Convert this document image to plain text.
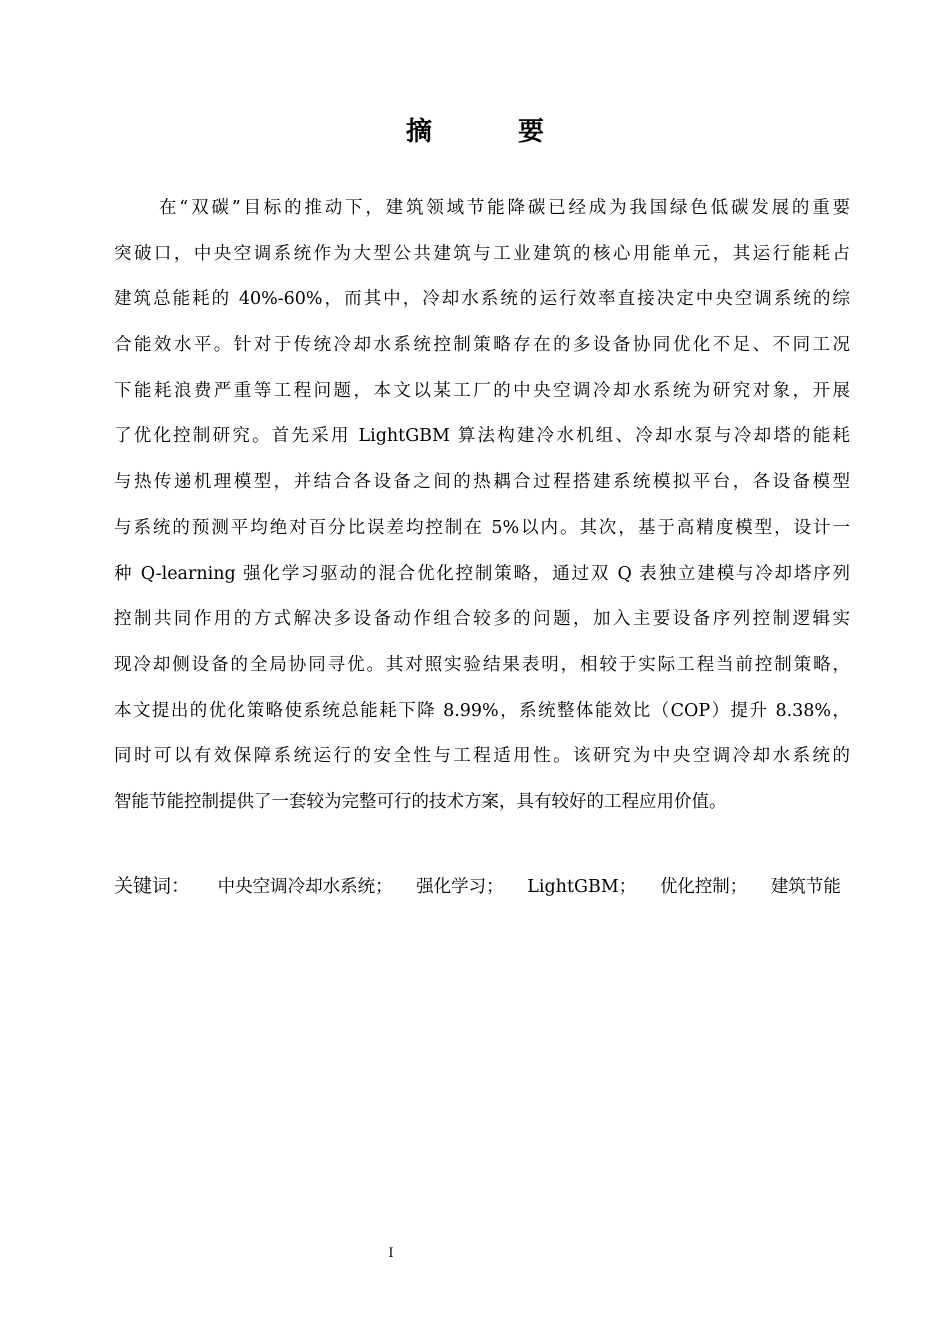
摘　要
在“双碳”目标的推动下，建筑领域节能降碳已经成为我国绿色低碳发展的重要
突破口，中央空调系统作为大型公共建筑与工业建筑的核心用能单元，其运行能耗占
建筑总能耗的 40%-60%，而其中，冷却水系统的运行效率直接决定中央空调系统的综
合能效水平。针对于传统冷却水系统控制策略存在的多设备协同优化不足、不同工况
下能耗浪费严重等工程问题，本文以某工厂的中央空调冷却水系统为研究对象，开展
了优化控制研究。首先采用 LightGBM 算法构建冷水机组、冷却水泵与冷却塔的能耗
与热传递机理模型，并结合各设备之间的热耦合过程搭建系统模拟平台，各设备模型
与系统的预测平均绝对百分比误差均控制在 5%以内。其次，基于高精度模型，设计一
种 Q-learning 强化学习驱动的混合优化控制策略，通过双 Q 表独立建模与冷却塔序列
控制共同作用的方式解决多设备动作组合较多的问题，加入主要设备序列控制逻辑实
现冷却侧设备的全局协同寻优。其对照实验结果表明，相较于实际工程当前控制策略，
本文提出的优化策略使系统总能耗下降 8.99%，系统整体能效比（COP）提升 8.38%，
同时可以有效保障系统运行的安全性与工程适用性。该研究为中央空调冷却水系统的
智能节能控制提供了一套较为完整可行的技术方案，具有较好的工程应用价值。
关键词： 中央空调冷却水系统； 强化学习； LightGBM； 优化控制； 建筑节能
I
